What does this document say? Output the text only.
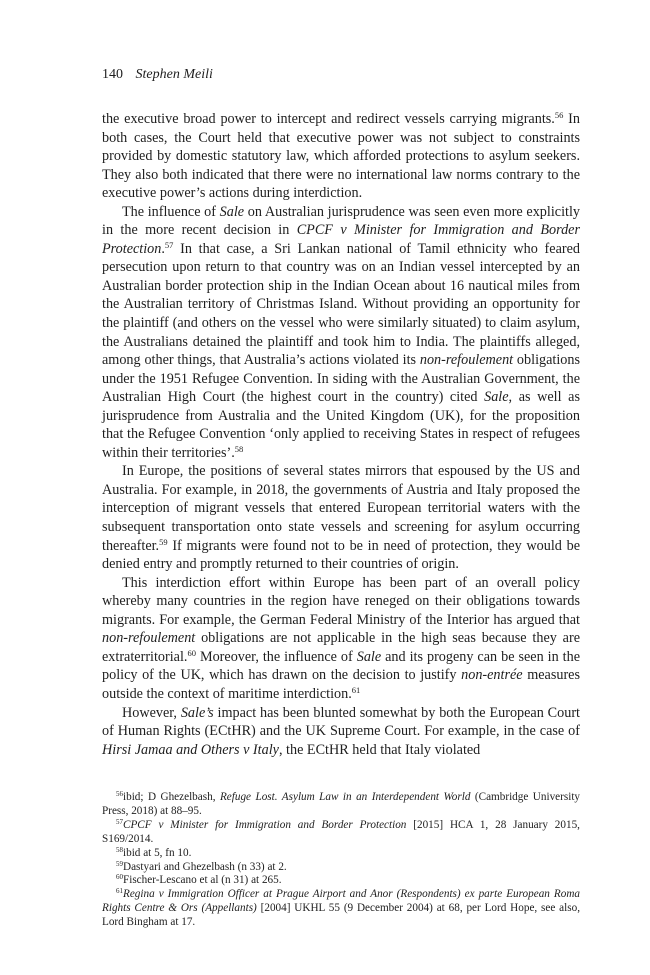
140 Stephen Meili

the executive broad power to intercept and redirect vessels carrying migrants.$^{56}$ In both cases, the Court held that executive power was not subject to constraints provided by domestic statutory law, which afforded protections to asylum seekers. They also both indicated that there were no international law norms contrary to the executive power’s actions during interdiction.

The influence of Sale on Australian jurisprudence was seen even more explicitly in the more recent decision in CPCF v Minister for Immigration and Border Protection.$^{57}$ In that case, a Sri Lankan national of Tamil ethnicity who feared persecution upon return to that country was on an Indian vessel intercepted by an Australian border protection ship in the Indian Ocean about 16 nautical miles from the Australian territory of Christmas Island. Without providing an opportunity for the plaintiff (and others on the vessel who were similarly situated) to claim asylum, the Australians detained the plaintiff and took him to India. The plaintiffs alleged, among other things, that Australia’s actions violated its non-refoulement obligations under the 1951 Refugee Convention. In siding with the Australian Government, the Australian High Court (the highest court in the country) cited Sale, as well as jurisprudence from Australia and the United Kingdom (UK), for the proposition that the Refugee Convention ‘only applied to receiving States in respect of refugees within their territories’.$^{58}$

In Europe, the positions of several states mirrors that espoused by the US and Australia. For example, in 2018, the governments of Austria and Italy proposed the interception of migrant vessels that entered European territorial waters with the subsequent transportation onto state vessels and screening for asylum occurring thereafter.$^{59}$ If migrants were found not to be in need of protection, they would be denied entry and promptly returned to their countries of origin.

This interdiction effort within Europe has been part of an overall policy whereby many countries in the region have reneged on their obligations towards migrants. For example, the German Federal Ministry of the Interior has argued that non-refoulement obligations are not applicable in the high seas because they are extraterritorial.$^{60}$ Moreover, the influence of Sale and its progeny can be seen in the policy of the UK, which has drawn on the decision to justify non-entrée measures outside the context of maritime interdiction.$^{61}$

However, Sale’s impact has been blunted somewhat by both the European Court of Human Rights (ECtHR) and the UK Supreme Court. For example, in the case of Hirsi Jamaa and Others v Italy, the ECtHR held that Italy violated

$^{56}$ibid; D Ghezelbash, Refuge Lost. Asylum Law in an Interdependent World (Cambridge University Press, 2018) at 88–95.

$^{57}$CPCF v Minister for Immigration and Border Protection [2015] HCA 1, 28 January 2015, S169/2014.

$^{58}$ibid at 5, fn 10.

$^{59}$Dastyari and Ghezelbash (n 33) at 2.

$^{60}$Fischer-Lescano et al (n 31) at 265.

$^{61}$Regina v Immigration Officer at Prague Airport and Anor (Respondents) ex parte European Roma Rights Centre & Ors (Appellants) [2004] UKHL 55 (9 December 2004) at 68, per Lord Hope, see also, Lord Bingham at 17.
